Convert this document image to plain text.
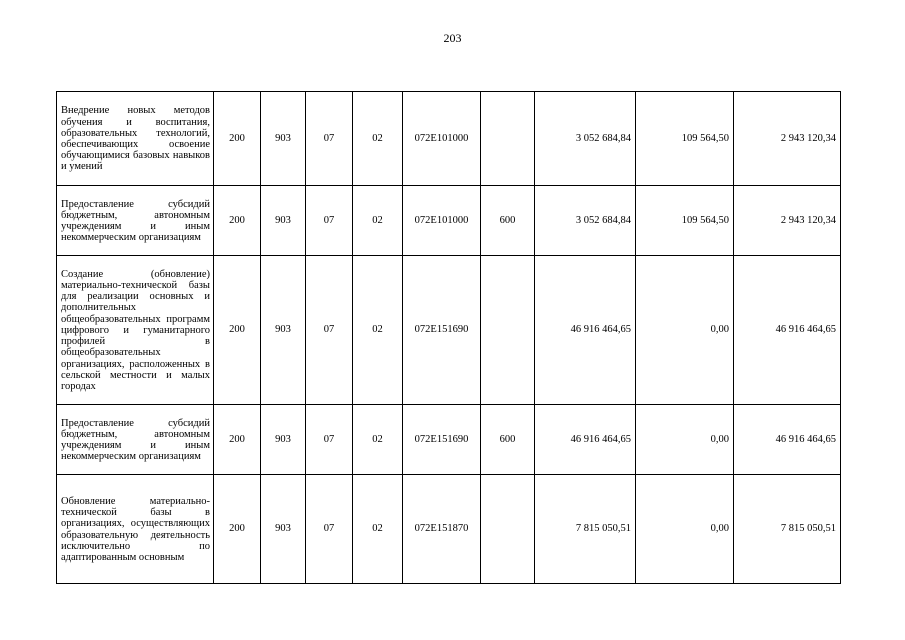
203
Внедрение новых методов обучения и воспитания, образовательных технологий, обеспечивающих освоение обучающимися базовых навыков и умений	200	903	07	02	072E101000		3 052 684,84	109 564,50	2 943 120,34
Предоставление субсидий бюджетным, автономным учреждениям и иным некоммерческим организациям	200	903	07	02	072E101000	600	3 052 684,84	109 564,50	2 943 120,34
Создание (обновление) материально-технической базы для реализации основных и дополнительных общеобразовательных программ цифрового и гуманитарного профилей в общеобразовательных организациях, расположенных в сельской местности и малых городах	200	903	07	02	072E151690		46 916 464,65	0,00	46 916 464,65
Предоставление субсидий бюджетным, автономным учреждениям и иным некоммерческим организациям	200	903	07	02	072E151690	600	46 916 464,65	0,00	46 916 464,65
Обновление материально-технической базы в организациях, осуществляющих образовательную деятельность исключительно по адаптированным основным	200	903	07	02	072E151870		7 815 050,51	0,00	7 815 050,51
